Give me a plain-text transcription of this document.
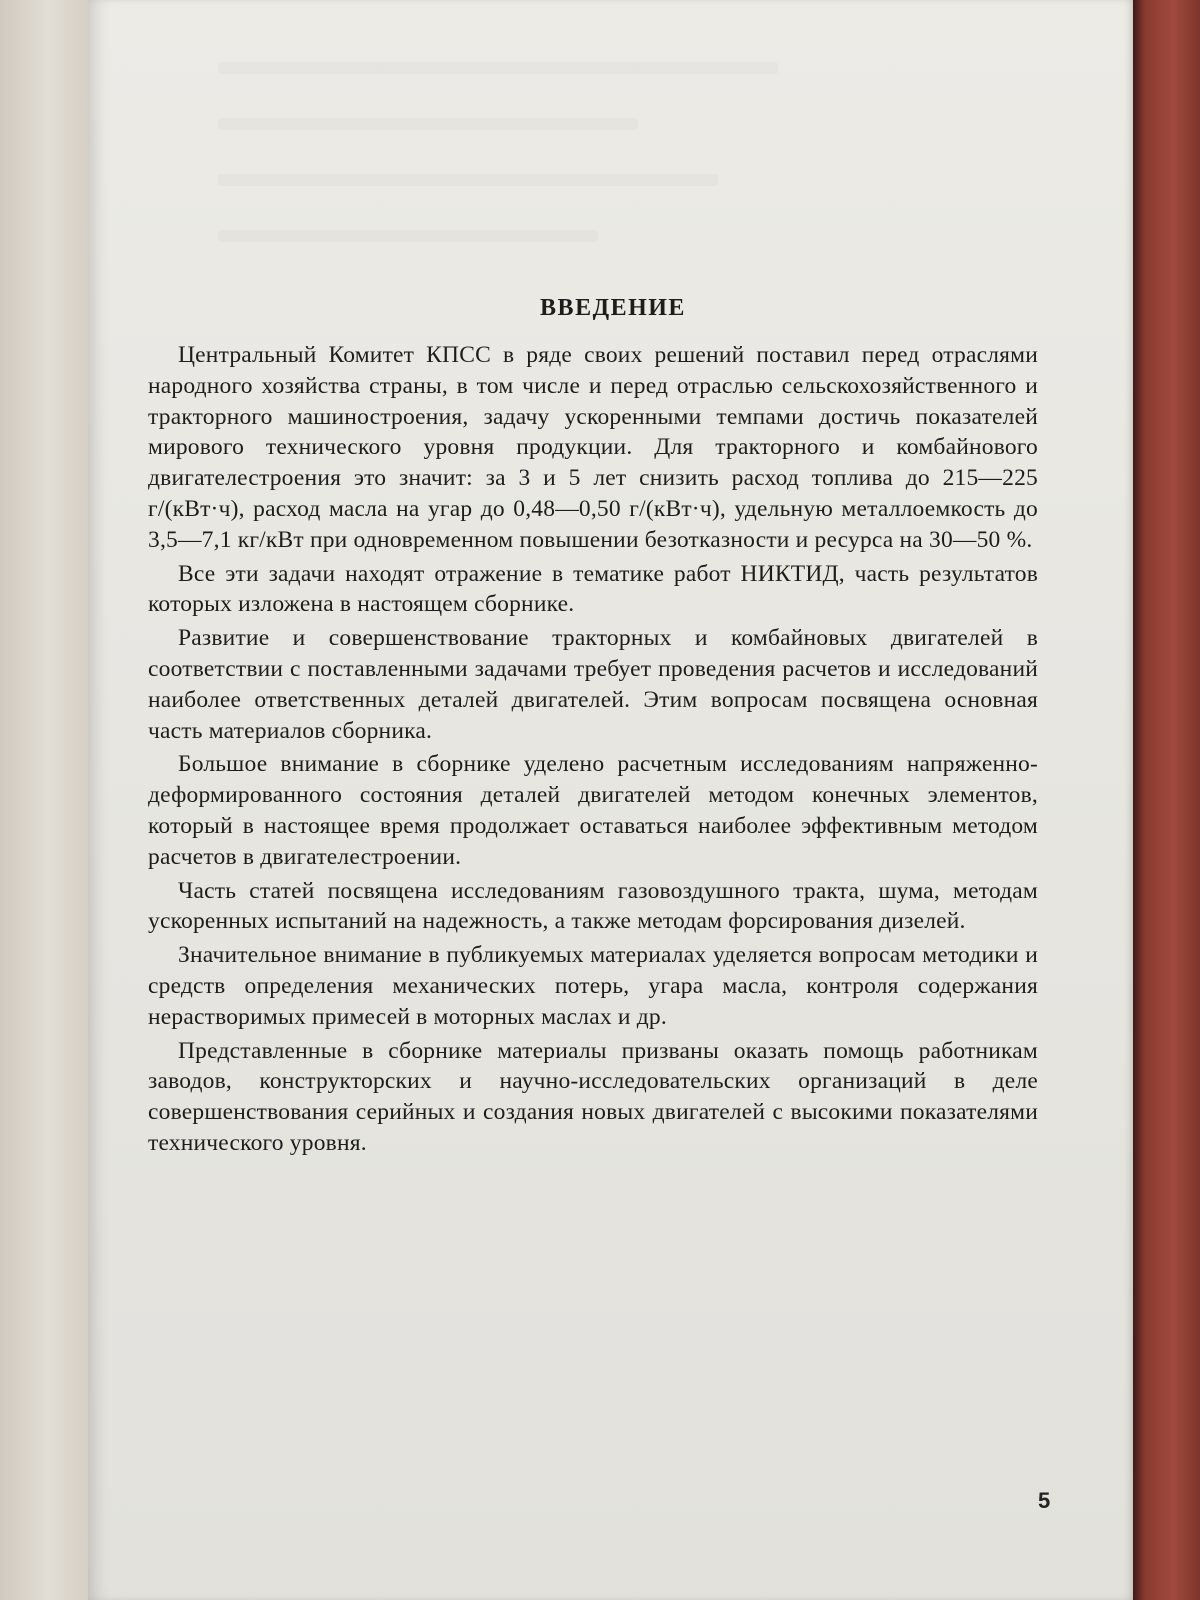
ВВЕДЕНИЕ

Центральный Комитет КПСС в ряде своих решений поставил перед отраслями народного хозяйства страны, в том числе и перед отраслью сельскохозяйственного и тракторного машиностроения, задачу ускоренными темпами достичь показателей мирового технического уровня продукции. Для тракторного и комбайнового двигателестроения это значит: за 3 и 5 лет снизить расход топлива до 215—225 г/(кВт·ч), расход масла на угар до 0,48—0,50 г/(кВт·ч), удельную металлоемкость до 3,5—7,1 кг/кВт при одновременном повышении безотказности и ресурса на 30—50 %.

Все эти задачи находят отражение в тематике работ НИКТИД, часть результатов которых изложена в настоящем сборнике.

Развитие и совершенствование тракторных и комбайновых двигателей в соответствии с поставленными задачами требует проведения расчетов и исследований наиболее ответственных деталей двигателей. Этим вопросам посвящена основная часть материалов сборника.

Большое внимание в сборнике уделено расчетным исследованиям напряженно-деформированного состояния деталей двигателей методом конечных элементов, который в настоящее время продолжает оставаться наиболее эффективным методом расчетов в двигателестроении.

Часть статей посвящена исследованиям газовоздушного тракта, шума, методам ускоренных испытаний на надежность, а также методам форсирования дизелей.

Значительное внимание в публикуемых материалах уделяется вопросам методики и средств определения механических потерь, угара масла, контроля содержания нерастворимых примесей в моторных маслах и др.

Представленные в сборнике материалы призваны оказать помощь работникам заводов, конструкторских и научно-исследовательских организаций в деле совершенствования серийных и создания новых двигателей с высокими показателями технического уровня.

5
